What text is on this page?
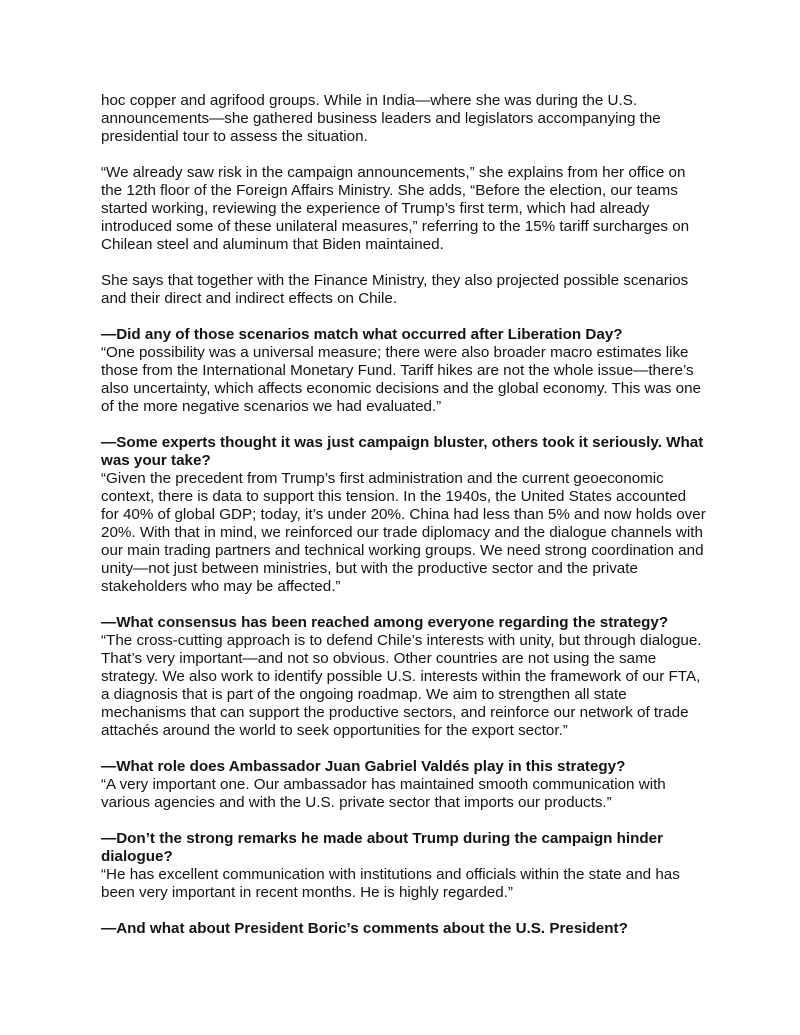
hoc copper and agrifood groups. While in India—where she was during the U.S. announcements—she gathered business leaders and legislators accompanying the presidential tour to assess the situation.

“We already saw risk in the campaign announcements,” she explains from her office on the 12th floor of the Foreign Affairs Ministry. She adds, “Before the election, our teams started working, reviewing the experience of Trump’s first term, which had already introduced some of these unilateral measures,” referring to the 15% tariff surcharges on Chilean steel and aluminum that Biden maintained.

She says that together with the Finance Ministry, they also projected possible scenarios and their direct and indirect effects on Chile.

—Did any of those scenarios match what occurred after Liberation Day?

“One possibility was a universal measure; there were also broader macro estimates like those from the International Monetary Fund. Tariff hikes are not the whole issue—there’s also uncertainty, which affects economic decisions and the global economy. This was one of the more negative scenarios we had evaluated.”

—Some experts thought it was just campaign bluster, others took it seriously. What was your take?

“Given the precedent from Trump’s first administration and the current geoeconomic context, there is data to support this tension. In the 1940s, the United States accounted for 40% of global GDP; today, it’s under 20%. China had less than 5% and now holds over 20%. With that in mind, we reinforced our trade diplomacy and the dialogue channels with our main trading partners and technical working groups. We need strong coordination and unity—not just between ministries, but with the productive sector and the private stakeholders who may be affected.”

—What consensus has been reached among everyone regarding the strategy?

“The cross-cutting approach is to defend Chile’s interests with unity, but through dialogue. That’s very important—and not so obvious. Other countries are not using the same strategy. We also work to identify possible U.S. interests within the framework of our FTA, a diagnosis that is part of the ongoing roadmap. We aim to strengthen all state mechanisms that can support the productive sectors, and reinforce our network of trade attachés around the world to seek opportunities for the export sector.”

—What role does Ambassador Juan Gabriel Valdés play in this strategy?

“A very important one. Our ambassador has maintained smooth communication with various agencies and with the U.S. private sector that imports our products.”

—Don’t the strong remarks he made about Trump during the campaign hinder dialogue?

“He has excellent communication with institutions and officials within the state and has been very important in recent months. He is highly regarded.”

—And what about President Boric’s comments about the U.S. President?
